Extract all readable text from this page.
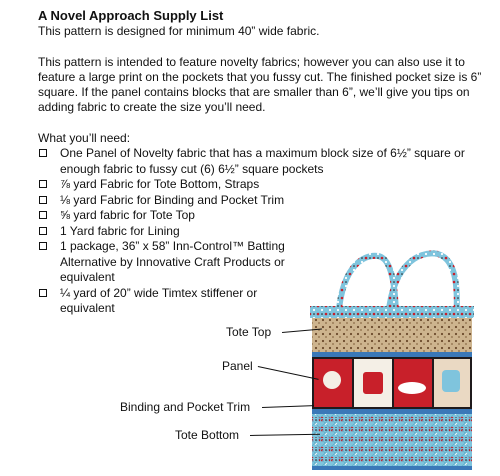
A Novel Approach Supply List
This pattern is designed for minimum 40” wide fabric.
This pattern is intended to feature novelty fabrics; however you can also use it to feature a large print on the pockets that you fussy cut. The finished pocket size is 6” square. If the panel contains blocks that are smaller than 6”, we’ll give you tips on adding fabric to create the size you’ll need.
What you’ll need:
One Panel of Novelty fabric that has a maximum block size of 6½” square or enough fabric to fussy cut (6) 6½” square pockets
⅞ yard Fabric for Tote Bottom, Straps
⅛ yard Fabric for Binding and Pocket Trim
⅝ yard fabric for Tote Top
1 Yard fabric for Lining
1 package, 36” x 58” Inn-Control™ Batting Alternative by Innovative Craft Products or equivalent
¼ yard of 20” wide Timtex stiffener or equivalent
Tote Top
Panel
Binding and Pocket Trim
Tote Bottom
